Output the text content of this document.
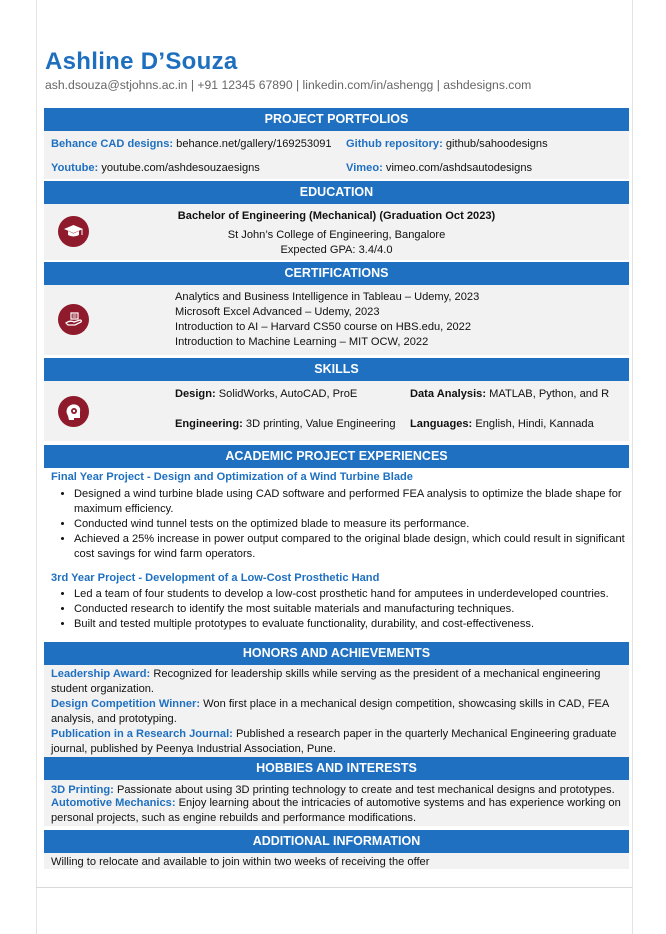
Ashline D’Souza
ash.dsouza@stjohns.ac.in | +91 12345 67890 | linkedin.com/in/ashengg | ashdesigns.com
PROJECT PORTFOLIOS
Behance CAD designs: behance.net/gallery/169253091 Github repository: github/sahoodesigns
Youtube: youtube.com/ashdesouzaesigns	Vimeo: vimeo.com/ashdsautodesigns
EDUCATION
Bachelor of Engineering (Mechanical) (Graduation Oct 2023)
St John’s College of Engineering, Bangalore
Expected GPA: 3.4/4.0
CERTIFICATIONS
Analytics and Business Intelligence in Tableau – Udemy, 2023
Microsoft Excel Advanced – Udemy, 2023
Introduction to AI – Harvard CS50 course on HBS.edu, 2022
Introduction to Machine Learning – MIT OCW, 2022
SKILLS
Design: SolidWorks, AutoCAD, ProE	Data Analysis: MATLAB, Python, and R
Engineering: 3D printing, Value Engineering Languages: English, Hindi, Kannada
ACADEMIC PROJECT EXPERIENCES
Final Year Project - Design and Optimization of a Wind Turbine Blade
• Designed a wind turbine blade using CAD software and performed FEA analysis to optimize the blade shape for maximum efficiency.
• Conducted wind tunnel tests on the optimized blade to measure its performance.
• Achieved a 25% increase in power output compared to the original blade design, which could result in significant cost savings for wind farm operators.
3rd Year Project - Development of a Low-Cost Prosthetic Hand
• Led a team of four students to develop a low-cost prosthetic hand for amputees in underdeveloped countries.
• Conducted research to identify the most suitable materials and manufacturing techniques.
• Built and tested multiple prototypes to evaluate functionality, durability, and cost-effectiveness.
HONORS AND ACHIEVEMENTS
Leadership Award: Recognized for leadership skills while serving as the president of a mechanical engineering student organization.
Design Competition Winner: Won first place in a mechanical design competition, showcasing skills in CAD, FEA analysis, and prototyping.
Publication in a Research Journal: Published a research paper in the quarterly Mechanical Engineering graduate journal, published by Peenya Industrial Association, Pune.
HOBBIES AND INTERESTS
3D Printing: Passionate about using 3D printing technology to create and test mechanical designs and prototypes.
Automotive Mechanics: Enjoy learning about the intricacies of automotive systems and has experience working on personal projects, such as engine rebuilds and performance modifications.
ADDITIONAL INFORMATION
Willing to relocate and available to join within two weeks of receiving the offer
